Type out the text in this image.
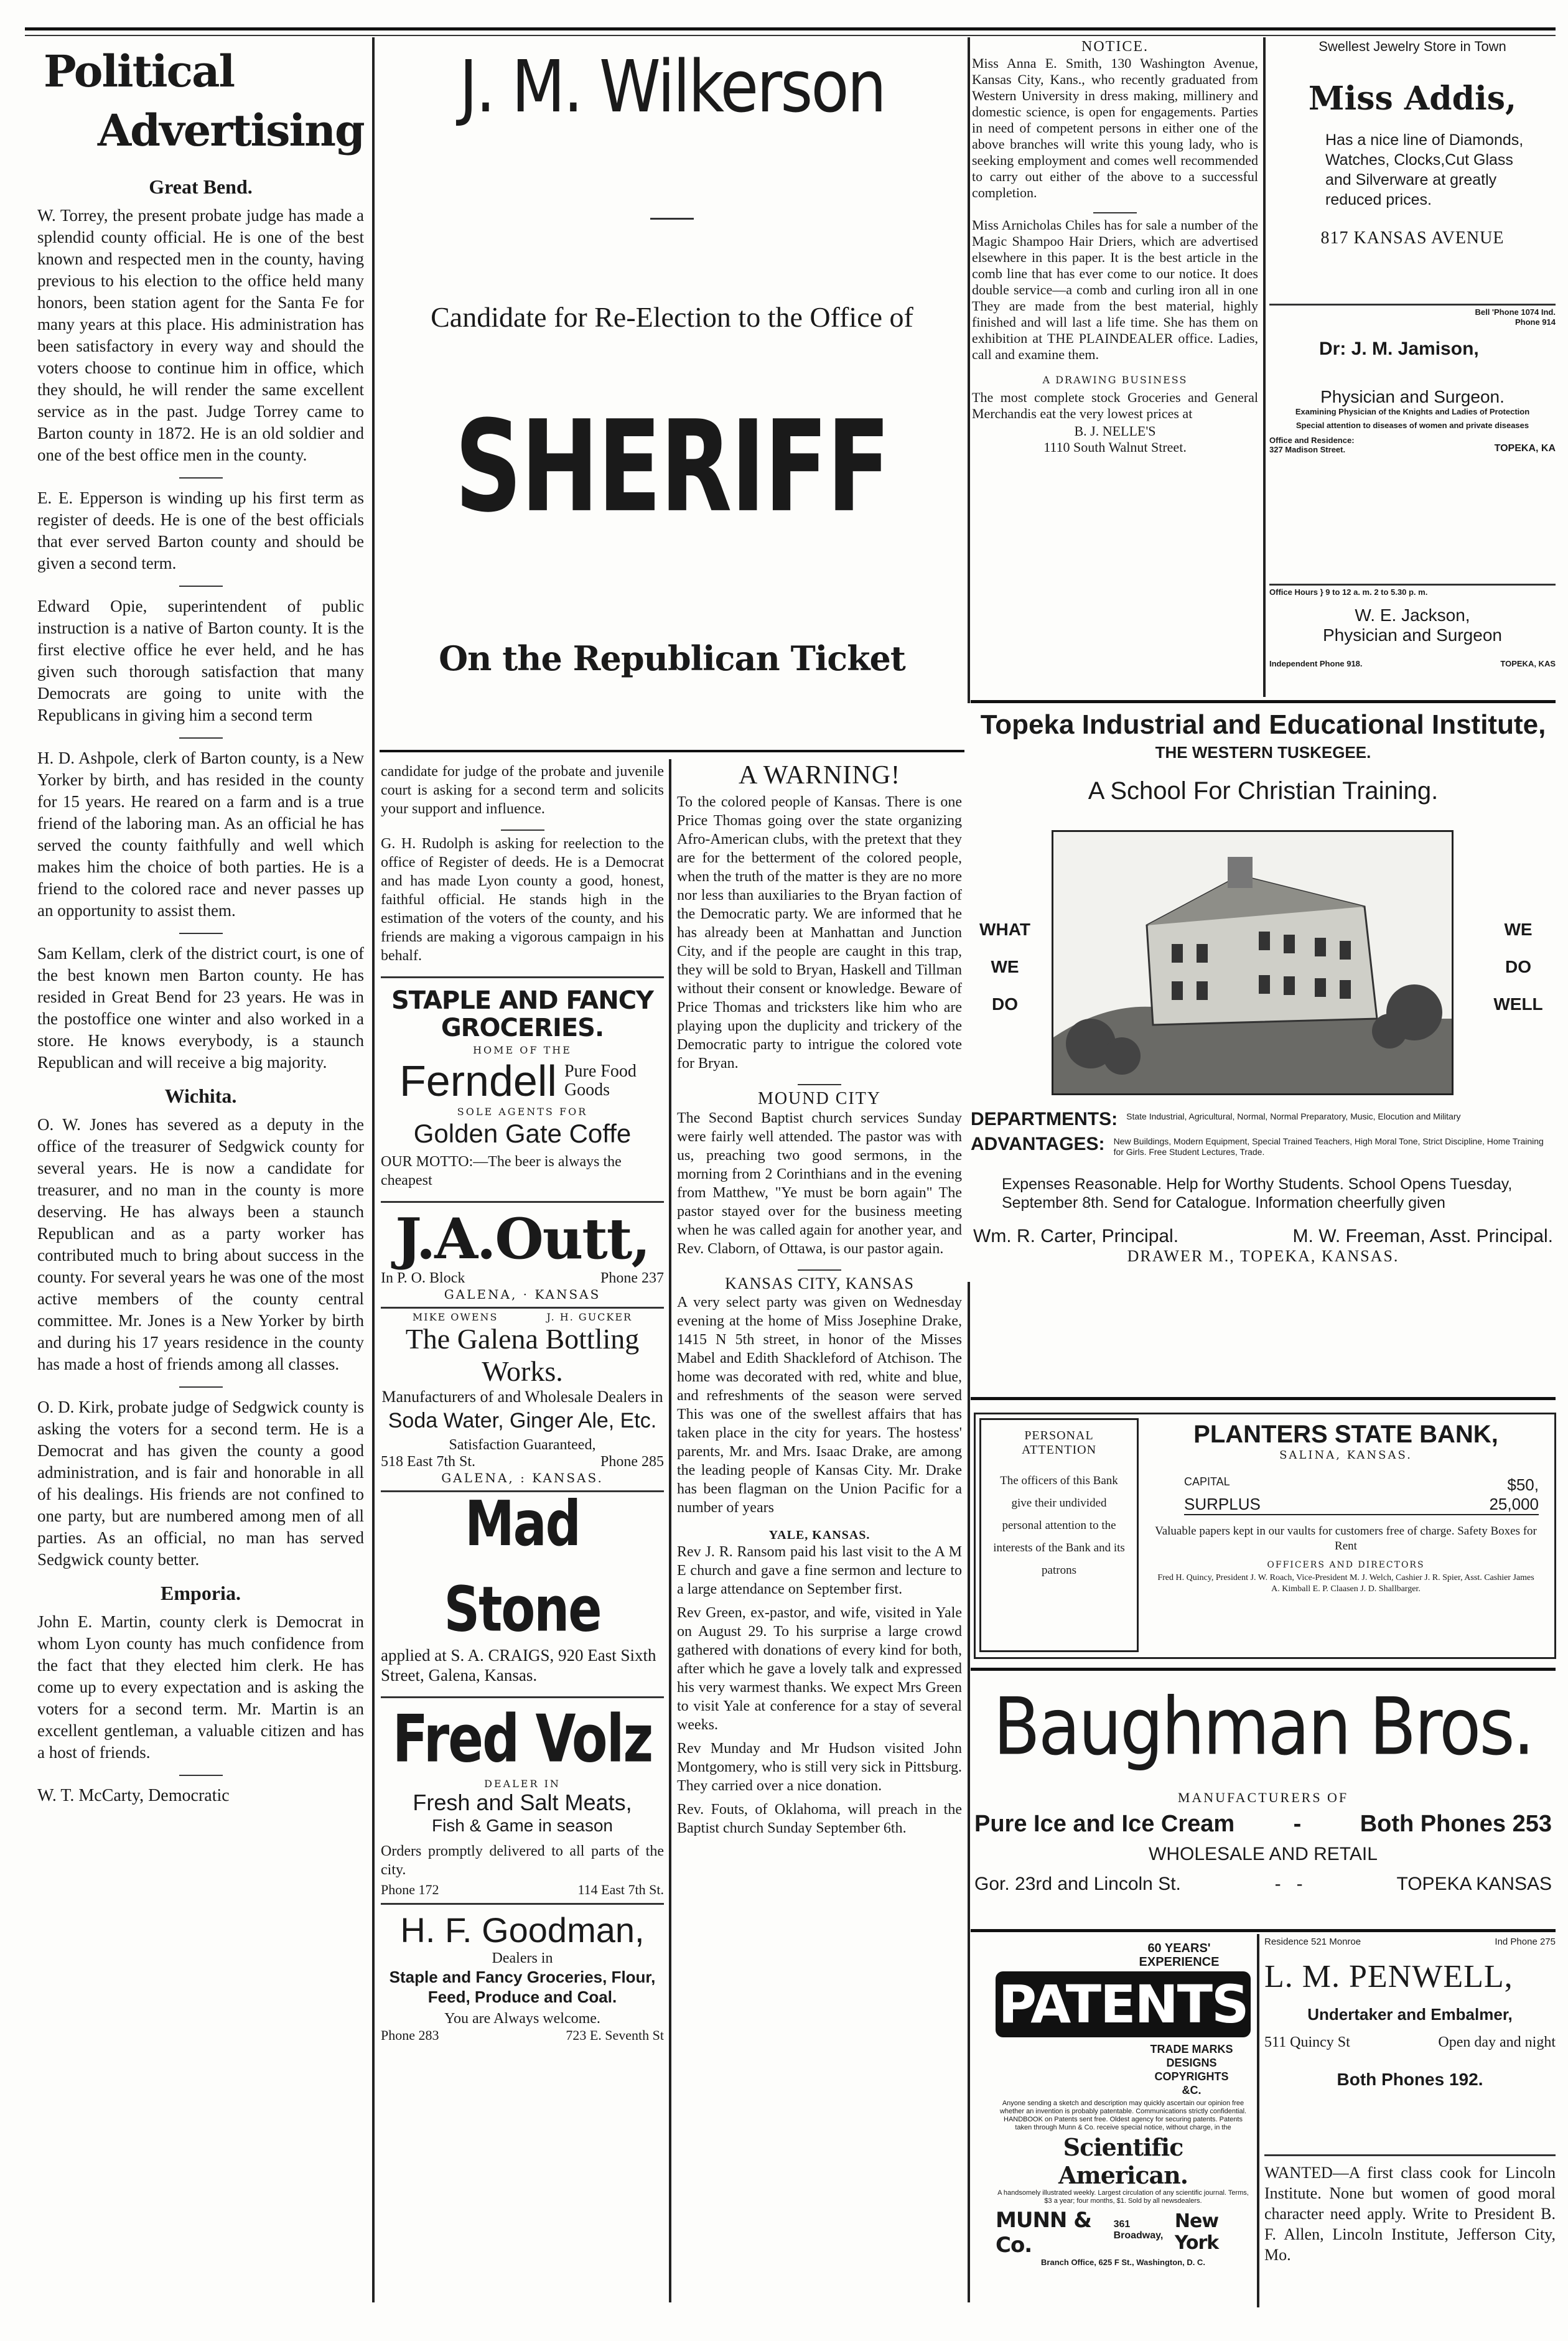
Political
Advertising
Great Bend.

W. Torrey, the present probate judge has made a splendid county official. He is one of the best known and respected men in the county, having previous to his election to the office held many honors, been station agent for the Santa Fe for many years at this place. His administration has been satisfactory in every way and should the voters choose to continue him in office, which they should, he will render the same excellent service as in the past. Judge Torrey came to Barton county in 1872. He is an old soldier and one of the best office men in the county.

E. E. Epperson is winding up his first term as register of deeds. He is one of the best officials that ever served Barton county and should be given a second term.

Edward Opie, superintendent of public instruction is a native of Barton county. It is the first elective office he ever held, and he has given such thorough satisfaction that many Democrats are going to unite with the Republicans in giving him a second term

H. D. Ashpole, clerk of Barton county, is a New Yorker by birth, and has resided in the county for 15 years. He reared on a farm and is a true friend of the laboring man. As an official he has served the county faithfully and well which makes him the choice of both parties. He is a friend to the colored race and never passes up an opportunity to assist them.

Sam Kellam, clerk of the district court, is one of the best known men Barton county. He has resided in Great Bend for 23 years. He was in the postoffice one winter and also worked in a store. He knows everybody, is a staunch Republican and will receive a big majority.

Wichita.

O. W. Jones has severed as a deputy in the office of the treasurer of Sedgwick county for several years. He is now a candidate for treasurer, and no man in the county is more deserving. He has always been a staunch Republican and as a party worker has contributed much to bring about success in the county. For several years he was one of the most active members of the county central committee. Mr. Jones is a New Yorker by birth and during his 17 years residence in the county has made a host of friends among all classes.

O. D. Kirk, probate judge of Sedgwick county is asking the voters for a second term. He is a Democrat and has given the county a good administration, and is fair and honorable in all of his dealings. His friends are not confined to one party, but are numbered among men of all parties. As an official, no man has served Sedgwick county better.

Emporia.

John E. Martin, county clerk is Democrat in whom Lyon county has much confidence from the fact that they elected him clerk. He has come up to every expectation and is asking the voters for a second term. Mr. Martin is an excellent gentleman, a valuable citizen and has a host of friends.

W. T. McCarty, Democratic

J. M. Wilkerson
Candidate for Re-Election to the Office of
SHERIFF
On the Republican Ticket

candidate for judge of the probate and juvenile court is asking for a second term and solicits your support and influence.

G. H. Rudolph is asking for reelection to the office of Register of deeds. He is a Democrat and has made Lyon county a good, honest, faithful official. He stands high in the estimation of the voters of the county, and his friends are making a vigorous campaign in his behalf.

STAPLE AND FANCY GROCERIES.
HOME OF THE
Ferndell Pure Food Goods
SOLE AGENTS FOR
Golden Gate Coffe

OUR MOTTO:—The beer is always the cheapest

J.A.Outt,
In P. O. Block	Phone 237
GALENA, · KANSAS
MIKE OWENS           J. H. GUCKER
The Galena Bottling Works.
Manufacturers of and Wholesale Dealers in
Soda Water, Ginger Ale, Etc.
Satisfaction Guaranteed,
518 East 7th St.	Phone 285
GALENA, : KANSAS.
Mad Stone

applied at S. A. CRAIGS, 920 East Sixth Street, Galena, Kansas.

Fred Volz
DEALER IN
Fresh and Salt Meats,
Fish & Game in season

Orders promptly delivered to all parts of the city.

Phone 172	114 East 7th St.
H. F. Goodman,
Dealers in
Staple and Fancy Groceries, Flour, Feed, Produce and Coal.
You are Always welcome.
Phone 283	723 E. Seventh St
A WARNING!

To the colored people of Kansas. There is one Price Thomas going over the state organizing Afro-American clubs, with the pretext that they are for the betterment of the colored people, when the truth of the matter is they are no more nor less than auxiliaries to the Bryan faction of the Democratic party. We are informed that he has already been at Manhattan and Junction City, and if the people are caught in this trap, they will be sold to Bryan, Haskell and Tillman without their consent or knowledge. Beware of Price Thomas and tricksters like him who are playing upon the duplicity and trickery of the Democratic party to intrigue the colored vote for Bryan.

MOUND CITY

The Second Baptist church services Sunday were fairly well attended. The pastor was with us, preaching two good sermons, in the morning from 2 Corinthians and in the evening from Matthew, "Ye must be born again" The pastor stayed over for the business meeting when he was called again for another year, and Rev. Claborn, of Ottawa, is our pastor again.

KANSAS CITY, KANSAS

A very select party was given on Wednesday evening at the home of Miss Josephine Drake, 1415 N 5th street, in honor of the Misses Mabel and Edith Shackleford of Atchison. The home was decorated with red, white and blue, and refreshments of the season were served This was one of the swellest affairs that has taken place in the city for years. The hostess' parents, Mr. and Mrs. Isaac Drake, are among the leading people of Kansas City. Mr. Drake has been flagman on the Union Pacific for a number of years

YALE, KANSAS.

Rev J. R. Ransom paid his last visit to the A M E church and gave a fine sermon and lecture to a large attendance on September first.

Rev Green, ex-pastor, and wife, visited in Yale on August 29. To his surprise a large crowd gathered with donations of every kind for both, after which he gave a lovely talk and expressed his very warmest thanks. We expect Mrs Green to visit Yale at conference for a stay of several weeks.

Rev Munday and Mr Hudson visited John Montgomery, who is still very sick in Pittsburg. They carried over a nice donation.

Rev. Fouts, of Oklahoma, will preach in the Baptist church Sunday September 6th.

NOTICE.

Miss Anna E. Smith, 130 Washington Avenue, Kansas City, Kans., who recently graduated from Western University in dress making, millinery and domestic science, is open for engagements. Parties in need of competent persons in either one of the above branches will write this young lady, who is seeking employment and comes well recommended to carry out either of the above to a successful completion.

Miss Arnicholas Chiles has for sale a number of the Magic Shampoo Hair Driers, which are advertised elsewhere in this paper. It is the best article in the comb line that has ever come to our notice. It does double service—a comb and curling iron all in one They are made from the best material, highly finished and will last a life time. She has them on exhibition at THE PLAINDEALER office. Ladies, call and examine them.

A DRAWING BUSINESS

The most complete stock Groceries and General Merchandis eat the very lowest prices at

B. J. NELLE'S
1110 South Walnut Street.
Swellest Jewelry Store in Town
Miss Addis,
Has a nice line of Diamonds, Watches, Clocks,Cut Glass and Silverware at greatly reduced prices.
817 KANSAS AVENUE
Bell 'Phone 1074 Ind. Phone 914
Dr: J. M. Jamison,
Physician and Surgeon.
Examining Physician of the Knights and Ladies of Protection
Special attention to diseases of women and private diseases
Office and Residence:
327 Madison Street.	TOPEKA, KA
Office Hours } 9 to 12 a. m. 2 to 5.30 p. m.
W. E. Jackson,
Physician and Surgeon
Independent Phone 918.	TOPEKA, KAS
Topeka Industrial and Educational Institute,
THE WESTERN TUSKEGEE.
A School For Christian Training.
WHAT
WE
DO
WE
DO
WELL
DEPARTMENTS: State Industrial, Agricultural, Normal, Normal Preparatory, Music, Elocution and Military
ADVANTAGES: New Buildings, Modern Equipment, Special Trained Teachers, High Moral Tone, Strict Discipline, Home Training for Girls. Free Student Lectures, Trade.
Expenses Reasonable. Help for Worthy Students. School Opens Tuesday, September 8th. Send for Catalogue. Information cheerfully given
Wm. R. Carter, Principal.	M. W. Freeman, Asst. Principal.
DRAWER M., TOPEKA, KANSAS.
PERSONAL ATTENTION
The officers of this Bank give their undivided personal attention to the interests of the Bank and its patrons
PLANTERS STATE BANK,
SALINA, KANSAS.
CAPITAL	$50,
SURPLUS	25,000
Valuable papers kept in our vaults for customers free of charge. Safety Boxes for Rent
OFFICERS AND DIRECTORS
Fred H. Quincy, President J. W. Roach, Vice-President M. J. Welch, Cashier J. R. Spier, Asst. Cashier James A. Kimball E. P. Claasen J. D. Shallbarger.
Baughman Bros.
MANUFACTURERS OF
Pure Ice and Ice Cream - Both Phones 253
WHOLESALE AND RETAIL
Gor. 23rd and Lincoln St.	-   -	TOPEKA KANSAS
60 YEARS' EXPERIENCE
PATENTS
TRADE MARKS DESIGNS COPYRIGHTS &C.
Anyone sending a sketch and description may quickly ascertain our opinion free whether an invention is probably patentable. Communications strictly confidential. HANDBOOK on Patents sent free. Oldest agency for securing patents. Patents taken through Munn & Co. receive special notice, without charge, in the
Scientific American.
A handsomely illustrated weekly. Largest circulation of any scientific journal. Terms, $3 a year; four months, $1. Sold by all newsdealers.
MUNN & Co.
361 Broadway,
New York
Branch Office, 625 F St., Washington, D. C.
Residence 521 Monroe	Ind Phone 275
L. M. PENWELL,
Undertaker and Embalmer,
511 Quincy St	Open day and night
Both Phones 192.

WANTED—A first class cook for Lincoln Institute. None but women of good moral character need apply. Write to President B. F. Allen, Lincoln Institute, Jefferson City, Mo.
